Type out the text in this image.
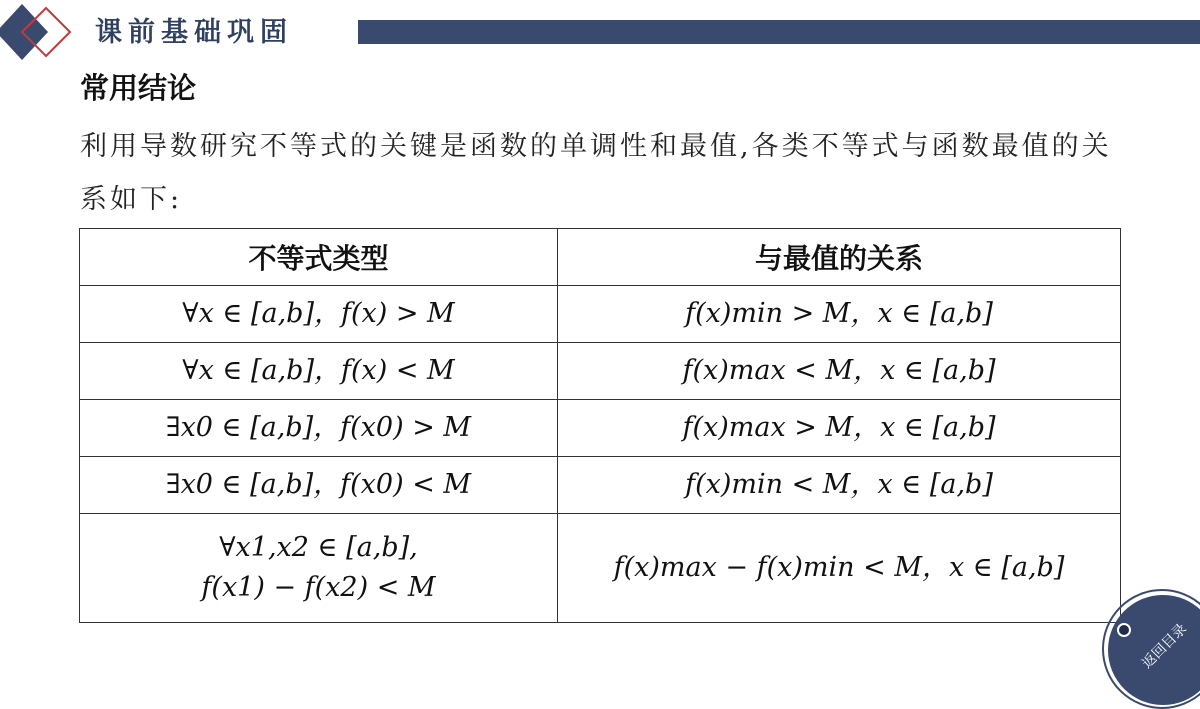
课前基础巩固
常用结论
利用导数研究不等式的关键是函数的单调性和最值,各类不等式与函数最值的关系如下:
不等式类型	与最值的关系

∀x ∈ [a,b]，f(x) > M	f(x)min > M，x ∈ [a,b]

∀x ∈ [a,b]，f(x) < M	f(x)max < M，x ∈ [a,b]

∃x0 ∈ [a,b]，f(x0) > M	f(x)max > M，x ∈ [a,b]

∃x0 ∈ [a,b]，f(x0) < M	f(x)min < M，x ∈ [a,b]

∀x1,x2 ∈ [a,b],
f(x1) − f(x2) < M	f(x)max − f(x)min < M，x ∈ [a,b]
返回目录
